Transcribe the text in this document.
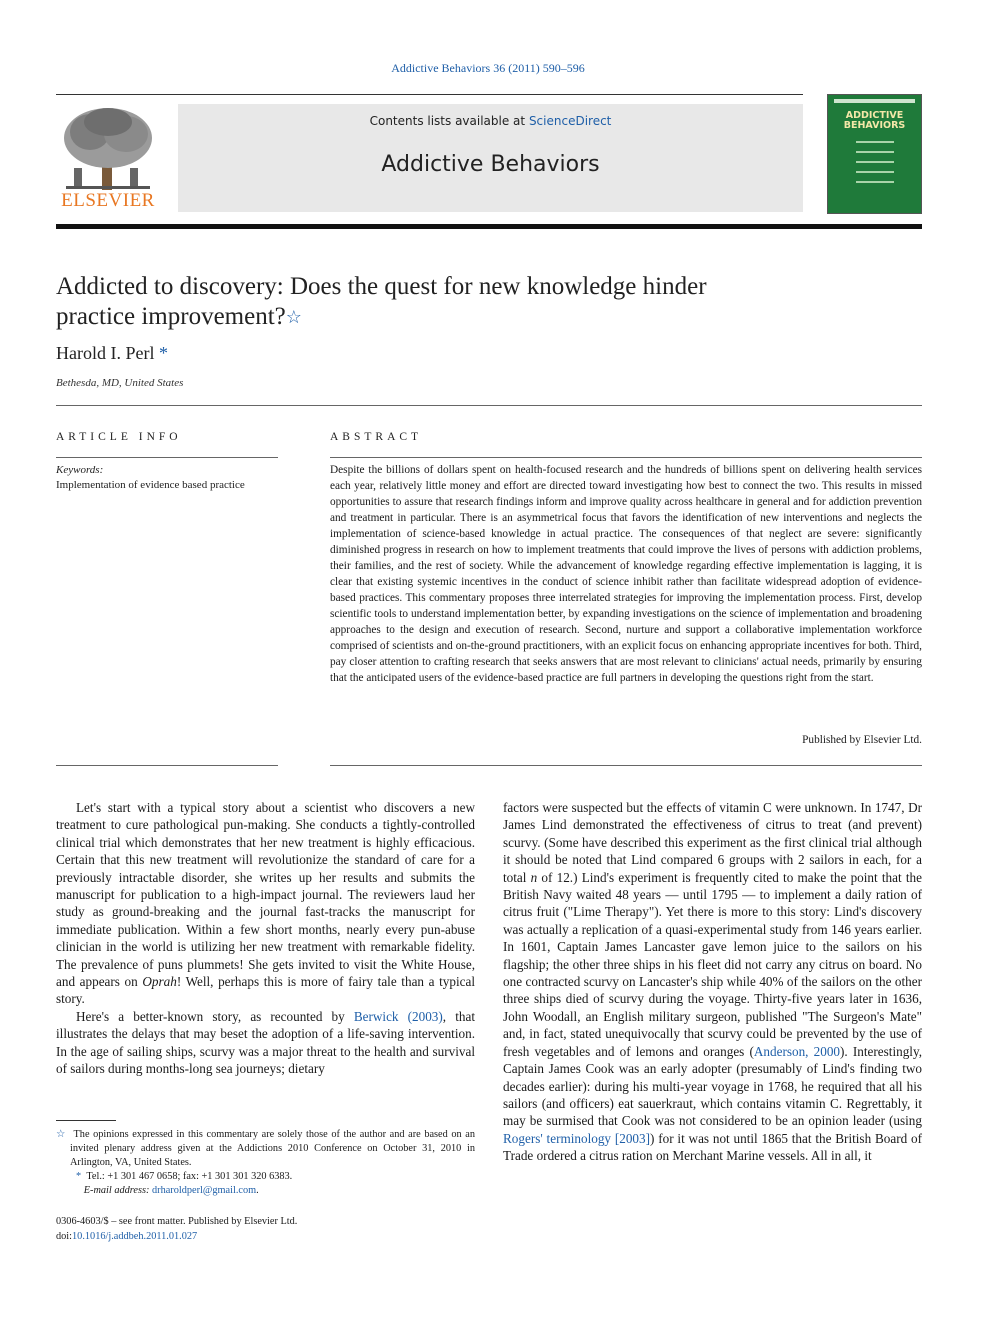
Addictive Behaviors 36 (2011) 590–596
ELSEVIER
Contents lists available at ScienceDirect
Addictive Behaviors
ADDICTIVE BEHAVIORS
Addicted to discovery: Does the quest for new knowledge hinder
practice improvement?☆
Harold I. Perl *
Bethesda, MD, United States
ARTICLE INFO	ABSTRACT
Keywords:
Implementation of evidence based practice

Despite the billions of dollars spent on health-focused research and the hundreds of billions spent on delivering health services each year, relatively little money and effort are directed toward investigating how best to connect the two. This results in missed opportunities to assure that research findings inform and improve quality across healthcare in general and for addiction prevention and treatment in particular. There is an asymmetrical focus that favors the identification of new interventions and neglects the implementation of science-based knowledge in actual practice. The consequences of that neglect are severe: significantly diminished progress in research on how to implement treatments that could improve the lives of persons with addiction problems, their families, and the rest of society. While the advancement of knowledge regarding effective implementation is lagging, it is clear that existing systemic incentives in the conduct of science inhibit rather than facilitate widespread adoption of evidence-based practices. This commentary proposes three interrelated strategies for improving the implementation process. First, develop scientific tools to understand implementation better, by expanding investigations on the science of implementation and broadening approaches to the design and execution of research. Second, nurture and support a collaborative implementation workforce comprised of scientists and on-the-ground practitioners, with an explicit focus on enhancing appropriate incentives for both. Third, pay closer attention to crafting research that seeks answers that are most relevant to clinicians' actual needs, primarily by ensuring that the anticipated users of the evidence-based practice are full partners in developing the questions right from the start.

Published by Elsevier Ltd.

Let's start with a typical story about a scientist who discovers a new treatment to cure pathological pun-making. She conducts a tightly-controlled clinical trial which demonstrates that her new treatment is highly efficacious. Certain that this new treatment will revolutionize the standard of care for a previously intractable disorder, she writes up her results and submits the manuscript for publication to a high-impact journal. The reviewers laud her study as ground-breaking and the journal fast-tracks the manuscript for immediate publication. Within a few short months, nearly every pun-abuse clinician in the world is utilizing her new treatment with remarkable fidelity. The prevalence of puns plummets! She gets invited to visit the White House, and appears on Oprah! Well, perhaps this is more of fairy tale than a typical story.

Here's a better-known story, as recounted by Berwick (2003), that illustrates the delays that may beset the adoption of a life-saving intervention. In the age of sailing ships, scurvy was a major threat to the health and survival of sailors during months-long sea journeys; dietary

factors were suspected but the effects of vitamin C were unknown. In 1747, Dr James Lind demonstrated the effectiveness of citrus to treat (and prevent) scurvy. (Some have described this experiment as the first clinical trial although it should be noted that Lind compared 6 groups with 2 sailors in each, for a total n of 12.) Lind's experiment is frequently cited to make the point that the British Navy waited 48 years — until 1795 — to implement a daily ration of citrus fruit ("Lime Therapy"). Yet there is more to this story: Lind's discovery was actually a replication of a quasi-experimental study from 146 years earlier. In 1601, Captain James Lancaster gave lemon juice to the sailors on his flagship; the other three ships in his fleet did not carry any citrus on board. No one contracted scurvy on Lancaster's ship while 40% of the sailors on the other three ships died of scurvy during the voyage. Thirty-five years later in 1636, John Woodall, an English military surgeon, published "The Surgeon's Mate" and, in fact, stated unequivocally that scurvy could be prevented by the use of fresh vegetables and of lemons and oranges (Anderson, 2000). Interestingly, Captain James Cook was an early adopter (presumably of Lind's finding two decades earlier): during his multi-year voyage in 1768, he required that all his sailors (and officers) eat sauerkraut, which contains vitamin C. Regrettably, it may be surmised that Cook was not considered to be an opinion leader (using Rogers' terminology [2003]) for it was not until 1865 that the British Board of Trade ordered a citrus ration on Merchant Marine vessels. All in all, it

☆ The opinions expressed in this commentary are solely those of the author and are based on an invited plenary address given at the Addictions 2010 Conference on October 31, 2010 in Arlington, VA, United States.

* Tel.: +1 301 467 0658; fax: +1 301 301 320 6383.

E-mail address: drharoldperl@gmail.com.

0306-4603/$ – see front matter. Published by Elsevier Ltd.
doi:10.1016/j.addbeh.2011.01.027
